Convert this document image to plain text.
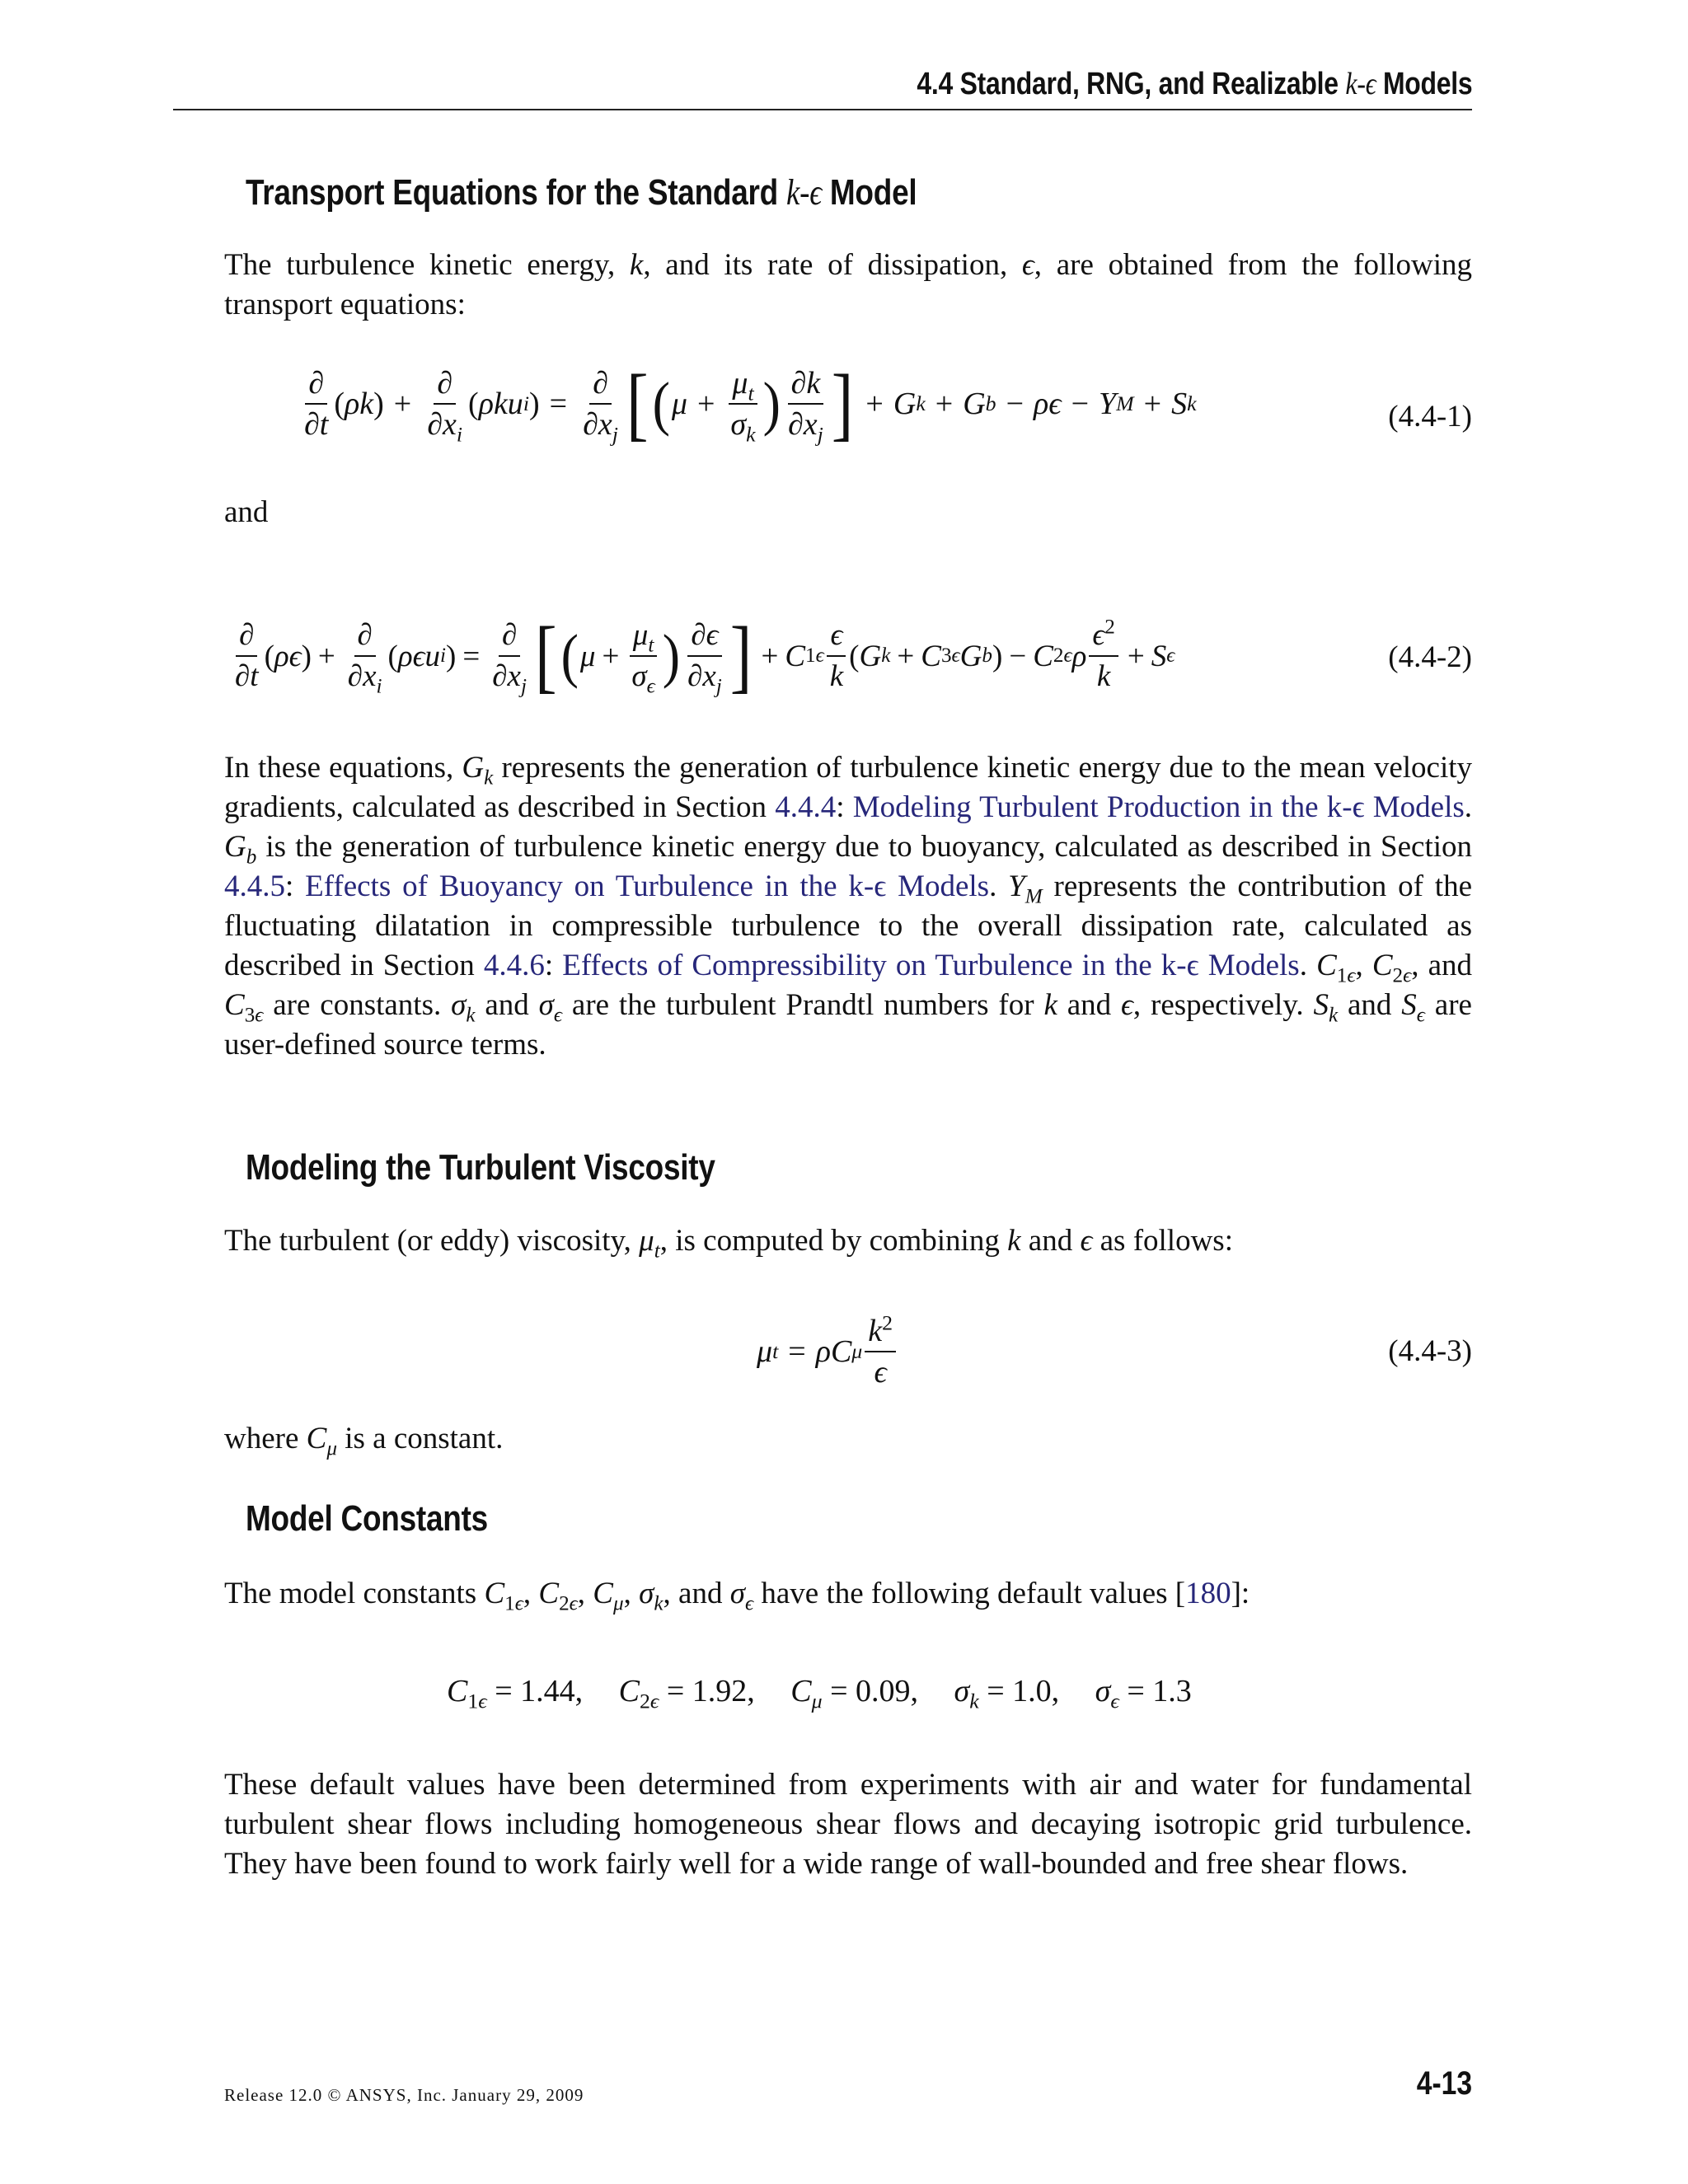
4.4 Standard, RNG, and Realizable k-ϵ Models
Transport Equations for the Standard k-ϵ Model

The turbulence kinetic energy, k, and its rate of dissipation, ϵ, are obtained from the following transport equations:

$\frac{\partial}{\partial t}$ ( ρk ) + $\frac{\partial}{\partial x_i}$ ( ρku i ) = $\frac{\partial}{\partial x_j}$ [ ( $\mu + \frac{\mu_t}{\sigma_k}$ ) $\frac{\partial k}{\partial x_j}$ ] + G k + G b − ρϵ − Y M + S k	(4.4-1)

and

$\frac{\partial}{\partial t}$ ( ρϵ ) + $\frac{\partial}{\partial x_i}$ ( ρϵu i ) = $\frac{\partial}{\partial x_j}$ [ ( $\mu + \frac{\mu_t}{\sigma_\epsilon}$ ) $\frac{\partial\epsilon}{\partial x_j}$ ] + C $1\epsilon \frac{\epsilon}{k}$ ( G k + C 3ϵ G b ) − C 2ϵ ρ $\frac{\epsilon^2}{k} + S$ ϵ	(4.4-2)

In these equations, $G_k$ represents the generation of turbulence kinetic energy due to the mean velocity gradients, calculated as described in Section 4.4.4: Modeling Turbulent Production in the k-ϵ Models. $G_b$ is the generation of turbulence kinetic energy due to buoyancy, calculated as described in Section 4.4.5: Effects of Buoyancy on Turbulence in the k-ϵ Models. $Y_M$ represents the contribution of the fluctuating dilatation in compressible turbulence to the overall dissipation rate, calculated as described in Section 4.4.6: Effects of Compressibility on Turbulence in the k-ϵ Models. $C_{1\epsilon}$, $C_{2\epsilon}$, and $C_{3\epsilon}$ are constants. $\sigma_k$ and $\sigma_\epsilon$ are the turbulent Prandtl numbers for k and ϵ, respectively. $S_k$ and $S_\epsilon$ are user-defined source terms.

Modeling the Turbulent Viscosity

The turbulent (or eddy) viscosity, $\mu_t$, is computed by combining k and ϵ as follows:

μ t = ρC μ $\frac{k^2}{\epsilon}$	(4.4-3)

where $C_\mu$ is a constant.

Model Constants

The model constants $C_{1\epsilon}$, $C_{2\epsilon}$, $C_\mu$, $\sigma_k$, and $\sigma_\epsilon$ have the following default values [180]:

$C_{1\epsilon} = 1.44$, $C_{2\epsilon} = 1.92$, $C_\mu = 0.09$, $\sigma_k = 1.0$, $\sigma_\epsilon = 1.3$

These default values have been determined from experiments with air and water for fundamental turbulent shear flows including homogeneous shear flows and decaying isotropic grid turbulence. They have been found to work fairly well for a wide range of wall-bounded and free shear flows.

Release 12.0 © ANSYS, Inc. January 29, 2009	4-13
